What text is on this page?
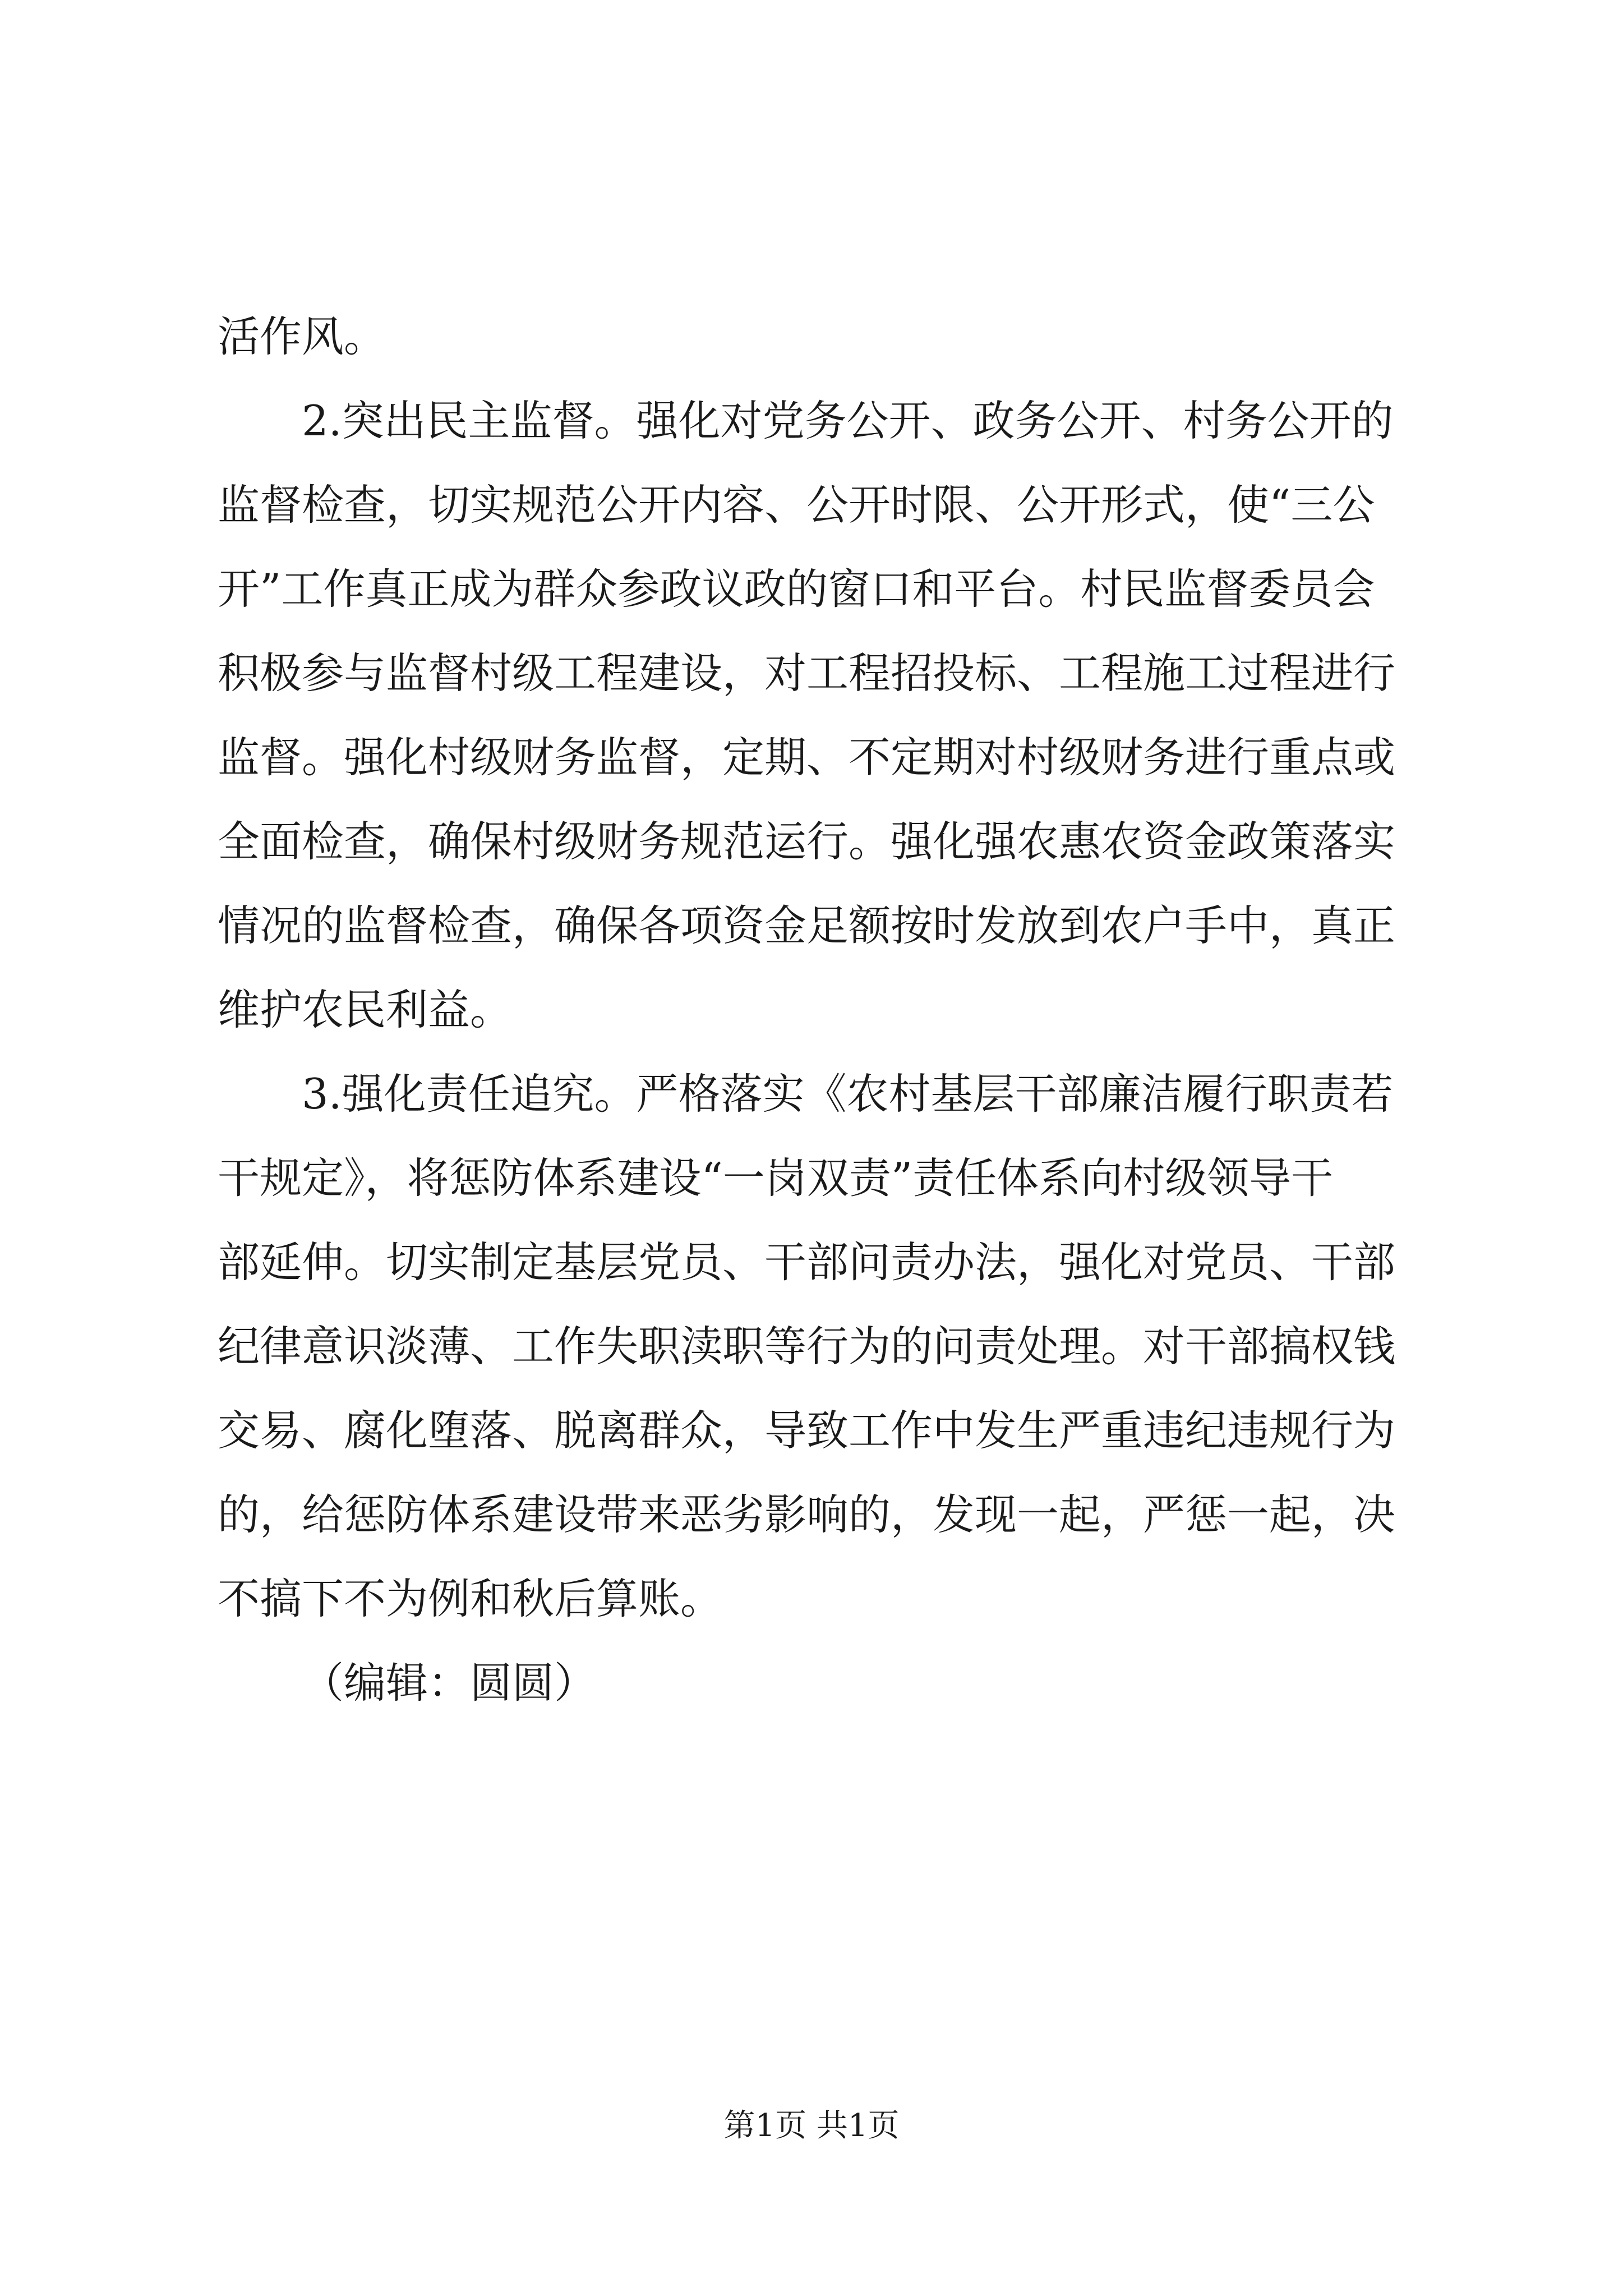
活作风。
2.突出民主监督。强化对党务公开、政务公开、村务公开的
监督检查，切实规范公开内容、公开时限、公开形式，使“三公
开”工作真正成为群众参政议政的窗口和平台。村民监督委员会
积极参与监督村级工程建设，对工程招投标、工程施工过程进行
监督。强化村级财务监督，定期、不定期对村级财务进行重点或
全面检查，确保村级财务规范运行。强化强农惠农资金政策落实
情况的监督检查，确保各项资金足额按时发放到农户手中，真正
维护农民利益。
3.强化责任追究。严格落实《农村基层干部廉洁履行职责若
干规定》，将惩防体系建设“一岗双责”责任体系向村级领导干
部延伸。切实制定基层党员、干部问责办法，强化对党员、干部
纪律意识淡薄、工作失职渎职等行为的问责处理。对干部搞权钱
交易、腐化堕落、脱离群众，导致工作中发生严重违纪违规行为
的，给惩防体系建设带来恶劣影响的，发现一起，严惩一起，决
不搞下不为例和秋后算账。
（编辑：圆圆）
第1页 共1页
